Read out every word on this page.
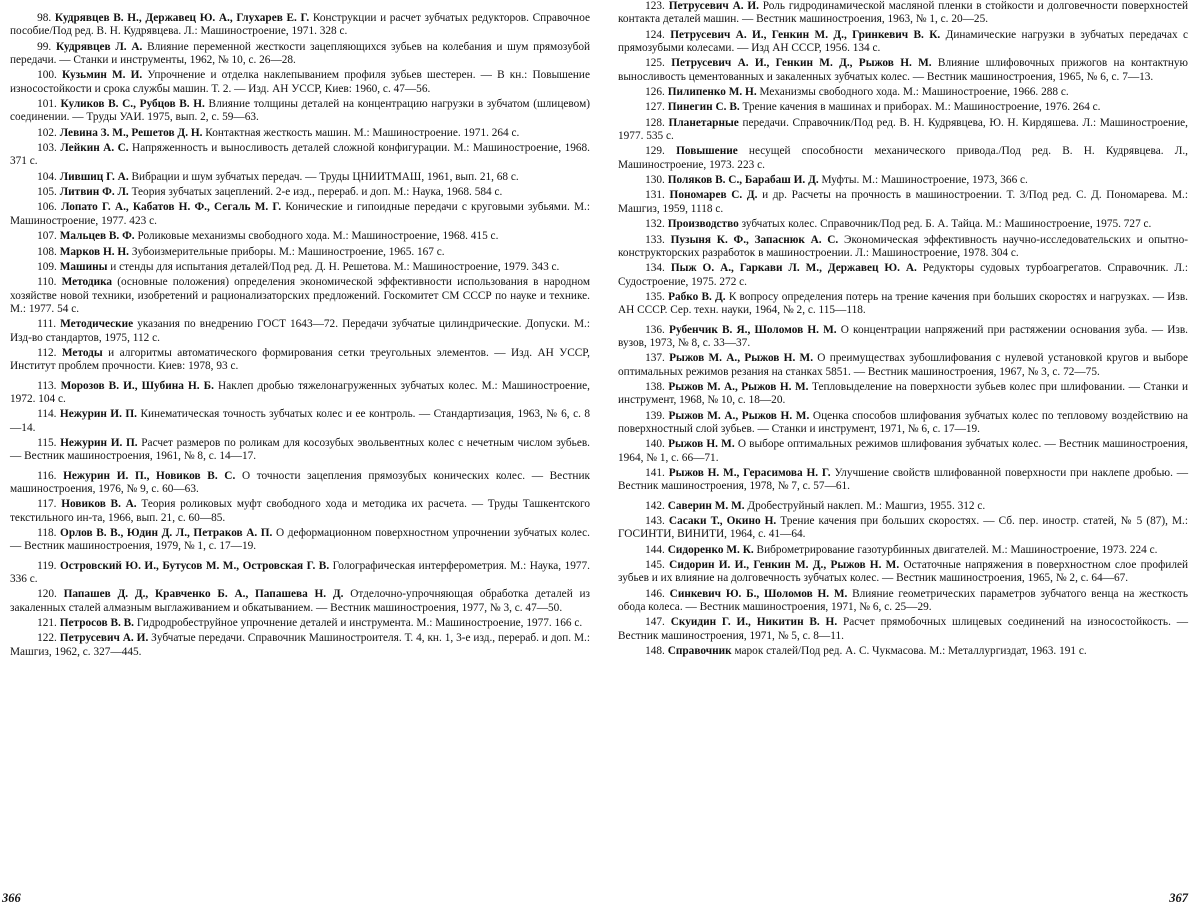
98. Кудрявцев В. Н., Державец Ю. А., Глухарев Е. Г. Конструкции и расчет зубчатых редукторов. Справочное пособие/Под ред. В. Н. Кудрявцева. Л.: Машиностроение, 1971. 328 с.

99. Кудрявцев Л. А. Влияние переменной жесткости зацепляющихся зубьев на колебания и шум прямозубой передачи. — Станки и инструменты, 1962, № 10, с. 26—28.

100. Кузьмин М. И. Упрочнение и отделка наклепыванием профиля зубьев шестерен. — В кн.: Повышение износостойкости и срока службы машин. Т. 2. — Изд. АН УССР, Киев: 1960, с. 47—56.

101. Куликов В. С., Рубцов В. Н. Влияние толщины деталей на концентрацию нагрузки в зубчатом (шлицевом) соединении. — Труды УАИ. 1975, вып. 2, с. 59—63.

102. Левина З. М., Решетов Д. Н. Контактная жесткость машин. М.: Машиностроение. 1971. 264 с.

103. Лейкин А. С. Напряженность и выносливость деталей сложной конфигурации. М.: Машиностроение, 1968. 371 с.

104. Лившиц Г. А. Вибрации и шум зубчатых передач. — Труды ЦНИИТМАШ, 1961, вып. 21, 68 с.

105. Литвин Ф. Л. Теория зубчатых зацеплений. 2-е изд., перераб. и доп. М.: Наука, 1968. 584 с.

106. Лопато Г. А., Кабатов Н. Ф., Сегаль М. Г. Конические и гипоидные передачи с круговыми зубьями. М.: Машиностроение, 1977. 423 с.

107. Мальцев В. Ф. Роликовые механизмы свободного хода. М.: Машиностроение, 1968. 415 с.

108. Марков Н. Н. Зубоизмерительные приборы. М.: Машиностроение, 1965. 167 с.

109. Машины и стенды для испытания деталей/Под ред. Д. Н. Решетова. М.: Машиностроение, 1979. 343 с.

110. Методика (основные положения) определения экономической эффективности использования в народном хозяйстве новой техники, изобретений и рационализаторских предложений. Госкомитет СМ СССР по науке и технике. М.: 1977. 54 с.

111. Методические указания по внедрению ГОСТ 1643—72. Передачи зубчатые цилиндрические. Допуски. М.: Изд-во стандартов, 1975, 112 с.

112. Методы и алгоритмы автоматического формирования сетки треугольных элементов. — Изд. АН УССР, Институт проблем прочности. Киев: 1978, 93 с.

113. Морозов В. И., Шубина Н. Б. Наклеп дробью тяжелонагруженных зубчатых колес. М.: Машиностроение, 1972. 104 с.

114. Нежурин И. П. Кинематическая точность зубчатых колес и ее контроль. — Стандартизация, 1963, № 6, с. 8—14.

115. Нежурин И. П. Расчет размеров по роликам для косозубых эвольвентных колес с нечетным числом зубьев. — Вестник машиностроения, 1961, № 8, с. 14—17.

116. Нежурин И. П., Новиков В. С. О точности зацепления прямозубых конических колес. — Вестник машиностроения, 1976, № 9, с. 60—63.

117. Новиков В. А. Теория роликовых муфт свободного хода и методика их расчета. — Труды Ташкентского текстильного ин-та, 1966, вып. 21, с. 60—85.

118. Орлов В. В., Юдин Д. Л., Петраков А. П. О деформационном поверхностном упрочнении зубчатых колес. — Вестник машиностроения, 1979, № 1, с. 17—19.

119. Островский Ю. И., Бутусов М. М., Островская Г. В. Голографическая интерферометрия. М.: Наука, 1977. 336 с.

120. Папашев Д. Д., Кравченко Б. А., Папашева Н. Д. Отделочно-упрочняющая обработка деталей из закаленных сталей алмазным выглаживанием и обкатыванием. — Вестник машиностроения, 1977, № 3, с. 47—50.

121. Петросов В. В. Гидродробеструйное упрочнение деталей и инструмента. М.: Машиностроение, 1977. 166 с.

122. Петрусевич А. И. Зубчатые передачи. Справочник Машиностроителя. Т. 4, кн. 1, 3-е изд., перераб. и доп. М.: Машгиз, 1962, с. 327—445.

366

123. Петрусевич А. И. Роль гидродинамической масляной пленки в стойкости и долговечности поверхностей контакта деталей машин. — Вестник машиностроения, 1963, № 1, с. 20—25.

124. Петрусевич А. И., Генкин М. Д., Гринкевич В. К. Динамические нагрузки в зубчатых передачах с прямозубыми колесами. — Изд АН СССР, 1956. 134 с.

125. Петрусевич А. И., Генкин М. Д., Рыжов Н. М. Влияние шлифовочных прижогов на контактную выносливость цементованных и закаленных зубчатых колес. — Вестник машиностроения, 1965, № 6, с. 7—13.

126. Пилипенко М. Н. Механизмы свободного хода. М.: Машиностроение, 1966. 288 с.

127. Пинегин С. В. Трение качения в машинах и приборах. М.: Машиностроение, 1976. 264 с.

128. Планетарные передачи. Справочник/Под ред. В. Н. Кудрявцева, Ю. Н. Кирдяшева. Л.: Машиностроение, 1977. 535 с.

129. Повышение несущей способности механического привода./Под ред. В. Н. Кудрявцева. Л., Машиностроение, 1973. 223 с.

130. Поляков В. С., Барабаш И. Д. Муфты. М.: Машиностроение, 1973, 366 с.

131. Пономарев С. Д. и др. Расчеты на прочность в машиностроении. Т. 3/Под ред. С. Д. Пономарева. М.: Машгиз, 1959, 1118 с.

132. Производство зубчатых колес. Справочник/Под ред. Б. А. Тайца. М.: Машиностроение, 1975. 727 с.

133. Пузыня К. Ф., Запаснюк А. С. Экономическая эффективность научно-исследовательских и опытно-конструкторских разработок в машиностроении. Л.: Машиностроение, 1978. 304 с.

134. Пыж О. А., Гаркави Л. М., Державец Ю. А. Редукторы судовых турбоагрегатов. Справочник. Л.: Судостроение, 1975. 272 с.

135. Рабко В. Д. К вопросу определения потерь на трение качения при больших скоростях и нагрузках. — Изв. АН СССР. Сер. техн. науки, 1964, № 2, с. 115—118.

136. Рубенчик В. Я., Шоломов Н. М. О концентрации напряжений при растяжении основания зуба. — Изв. вузов, 1973, № 8, с. 33—37.

137. Рыжов М. А., Рыжов Н. М. О преимуществах зубошлифования с нулевой установкой кругов и выборе оптимальных режимов резания на станках 5851. — Вестник машиностроения, 1967, № 3, с. 72—75.

138. Рыжов М. А., Рыжов Н. М. Тепловыделение на поверхности зубьев колес при шлифовании. — Станки и инструмент, 1968, № 10, с. 18—20.

139. Рыжов М. А., Рыжов Н. М. Оценка способов шлифования зубчатых колес по тепловому воздействию на поверхностный слой зубьев. — Станки и инструмент, 1971, № 6, с. 17—19.

140. Рыжов Н. М. О выборе оптимальных режимов шлифования зубчатых колес. — Вестник машиностроения, 1964, № 1, с. 66—71.

141. Рыжов Н. М., Герасимова Н. Г. Улучшение свойств шлифованной поверхности при наклепе дробью. — Вестник машиностроения, 1978, № 7, с. 57—61.

142. Саверин М. М. Дробеструйный наклеп. М.: Машгиз, 1955. 312 с.

143. Сасаки Т., Окино Н. Трение качения при больших скоростях. — Сб. пер. иностр. статей, № 5 (87), М.: ГОСИНТИ, ВИНИТИ, 1964, с. 41—64.

144. Сидоренко М. К. Виброметрирование газотурбинных двигателей. М.: Машиностроение, 1973. 224 с.

145. Сидорин И. И., Генкин М. Д., Рыжов Н. М. Остаточные напряжения в поверхностном слое профилей зубьев и их влияние на долговечность зубчатых колес. — Вестник машиностроения, 1965, № 2, с. 64—67.

146. Синкевич Ю. Б., Шоломов Н. М. Влияние геометрических параметров зубчатого венца на жесткость обода колеса. — Вестник машиностроения, 1971, № 6, с. 25—29.

147. Скуидин Г. И., Никитин В. Н. Расчет прямобочных шлицевых соединений на износостойкость. — Вестник машиностроения, 1971, № 5, с. 8—11.

148. Справочник марок сталей/Под ред. А. С. Чукмасова. М.: Металлургиздат, 1963. 191 с.

367
